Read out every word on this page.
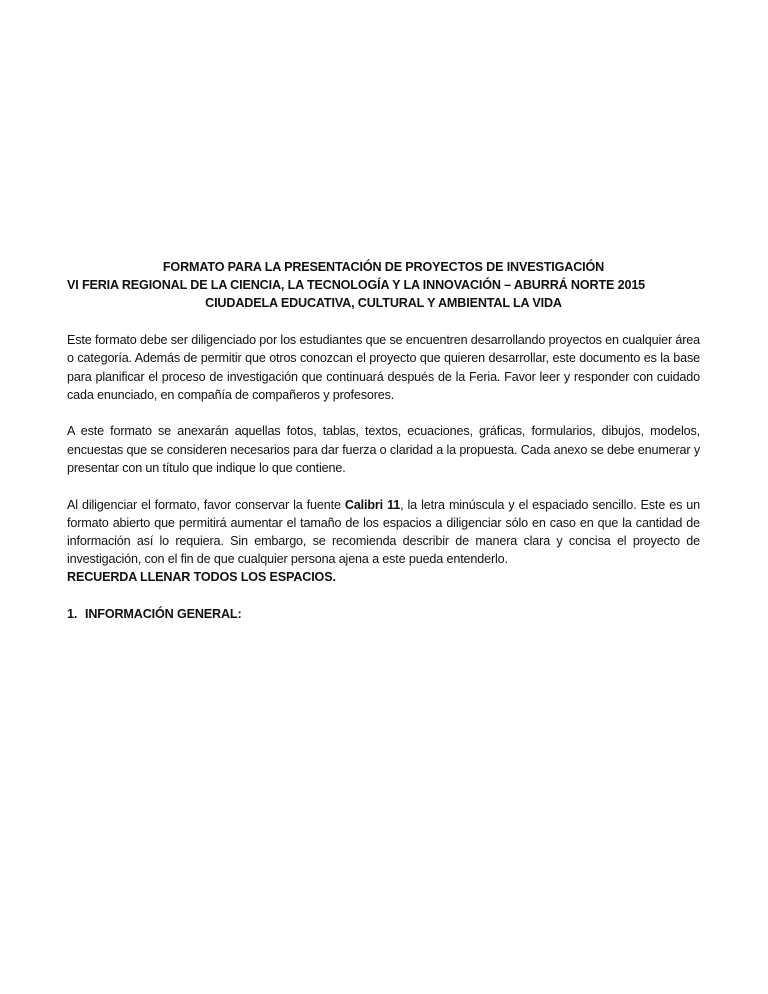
FORMATO PARA LA PRESENTACIÓN DE PROYECTOS DE INVESTIGACIÓN

VI FERIA REGIONAL DE LA CIENCIA, LA TECNOLOGÍA Y LA INNOVACIÓN – ABURRÁ NORTE 2015

CIUDADELA EDUCATIVA, CULTURAL Y AMBIENTAL LA VIDA

Este formato debe ser diligenciado por los estudiantes que se encuentren desarrollando proyectos en cualquier área o categoría. Además de permitir que otros conozcan el proyecto que quieren desarrollar, este documento es la base para planificar el proceso de investigación que continuará después de la Feria. Favor leer y responder con cuidado cada enunciado, en compañía de compañeros y profesores.

A este formato se anexarán aquellas fotos, tablas, textos, ecuaciones, gráficas, formularios, dibujos, modelos, encuestas que se consideren necesarios para dar fuerza o claridad a la propuesta. Cada anexo se debe enumerar y presentar con un título que indique lo que contiene.

Al diligenciar el formato, favor conservar la fuente Calibri 11, la letra minúscula y el espaciado sencillo. Este es un formato abierto que permitirá aumentar el tamaño de los espacios a diligenciar sólo en caso en que la cantidad de información así lo requiera. Sin embargo, se recomienda describir de manera clara y concisa el proyecto de investigación, con el fin de que cualquier persona ajena a este pueda entenderlo.

RECUERDA LLENAR TODOS LOS ESPACIOS.

1. INFORMACIÓN GENERAL:
